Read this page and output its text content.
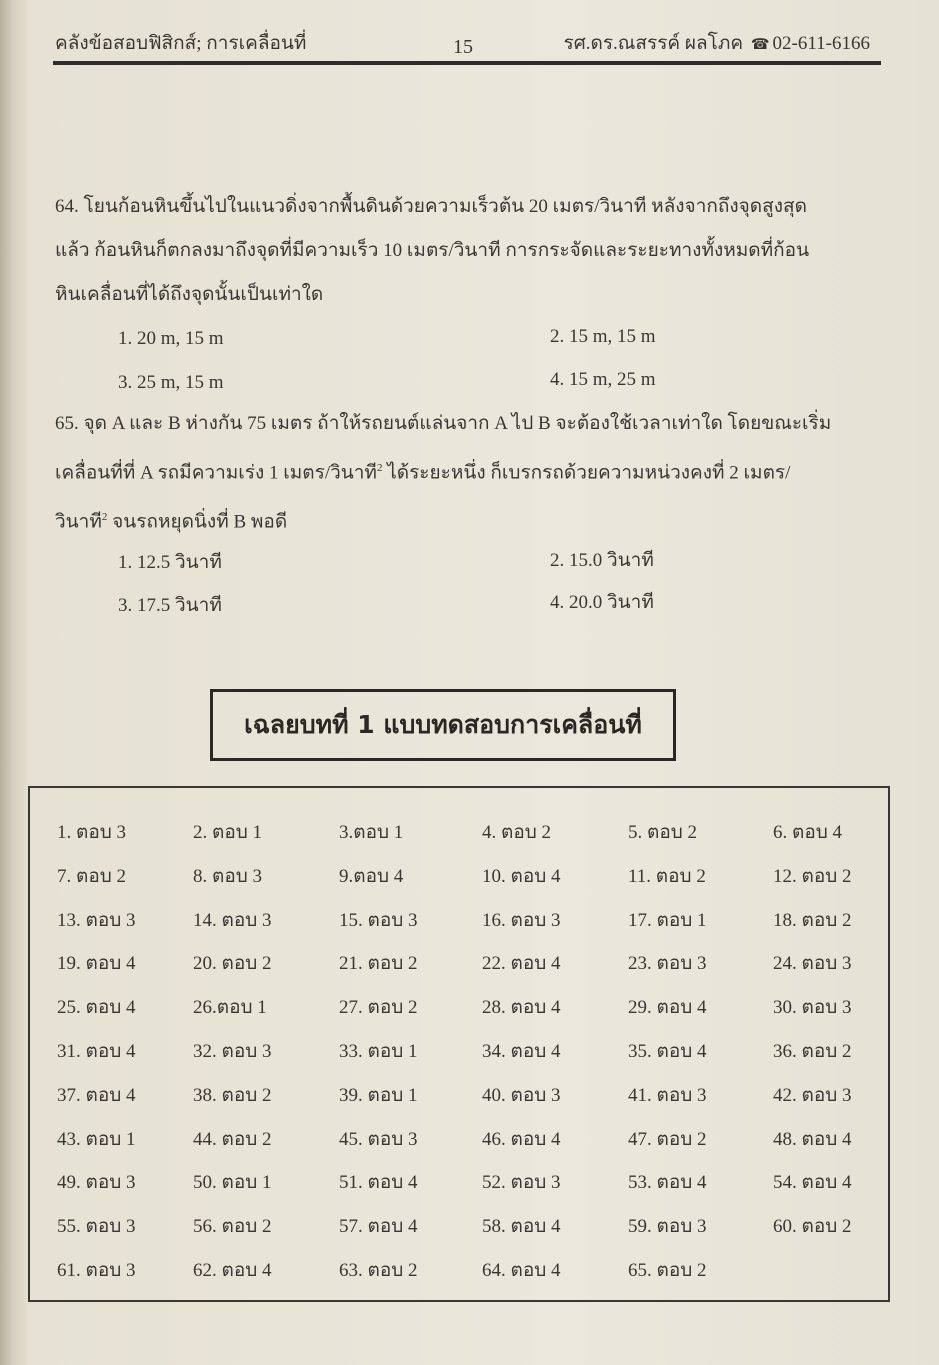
คลังข้อสอบฟิสิกส์; การเคลื่อนที่	15	รศ.ดร.ณสรรค์ ผลโภค ☎ 02-611-6166

64. โยนก้อนหินขึ้นไปในแนวดิ่งจากพื้นดินด้วยความเร็วต้น 20 เมตร/วินาที หลังจากถึงจุดสูงสุด

แล้ว ก้อนหินก็ตกลงมาถึงจุดที่มีความเร็ว 10 เมตร/วินาที การกระจัดและระยะทางทั้งหมดที่ก้อน

หินเคลื่อนที่ได้ถึงจุดนั้นเป็นเท่าใด

1. 20 m, 15 m	2. 15 m, 15 m
3. 25 m, 15 m	4. 15 m, 25 m

65. จุด A และ B ห่างกัน 75 เมตร ถ้าให้รถยนต์แล่นจาก A ไป B จะต้องใช้เวลาเท่าใด โดยขณะเริ่ม

เคลื่อนที่ที่ A รถมีความเร่ง 1 เมตร/วินาที$^2$ ได้ระยะหนึ่ง ก็เบรกรถด้วยความหน่วงคงที่ 2 เมตร/

วินาที$^2$ จนรถหยุดนิ่งที่ B พอดี

1. 12.5 วินาที	2. 15.0 วินาที
3. 17.5 วินาที	4. 20.0 วินาที
เฉลยบทที่ 1 แบบทดสอบการเคลื่อนที่
1. ตอบ 3	2. ตอบ 1	3.ตอบ 1	4. ตอบ 2	5. ตอบ 2	6. ตอบ 4
7. ตอบ 2	8. ตอบ 3	9.ตอบ 4	10. ตอบ 4	11. ตอบ 2	12. ตอบ 2
13. ตอบ 3	14. ตอบ 3	15. ตอบ 3	16. ตอบ 3	17. ตอบ 1	18. ตอบ 2
19. ตอบ 4	20. ตอบ 2	21. ตอบ 2	22. ตอบ 4	23. ตอบ 3	24. ตอบ 3
25. ตอบ 4	26.ตอบ 1	27. ตอบ 2	28. ตอบ 4	29. ตอบ 4	30. ตอบ 3
31. ตอบ 4	32. ตอบ 3	33. ตอบ 1	34. ตอบ 4	35. ตอบ 4	36. ตอบ 2
37. ตอบ 4	38. ตอบ 2	39. ตอบ 1	40. ตอบ 3	41. ตอบ 3	42. ตอบ 3
43. ตอบ 1	44. ตอบ 2	45. ตอบ 3	46. ตอบ 4	47. ตอบ 2	48. ตอบ 4
49. ตอบ 3	50. ตอบ 1	51. ตอบ 4	52. ตอบ 3	53. ตอบ 4	54. ตอบ 4
55. ตอบ 3	56. ตอบ 2	57. ตอบ 4	58. ตอบ 4	59. ตอบ 3	60. ตอบ 2
61. ตอบ 3	62. ตอบ 4	63. ตอบ 2	64. ตอบ 4	65. ตอบ 2
